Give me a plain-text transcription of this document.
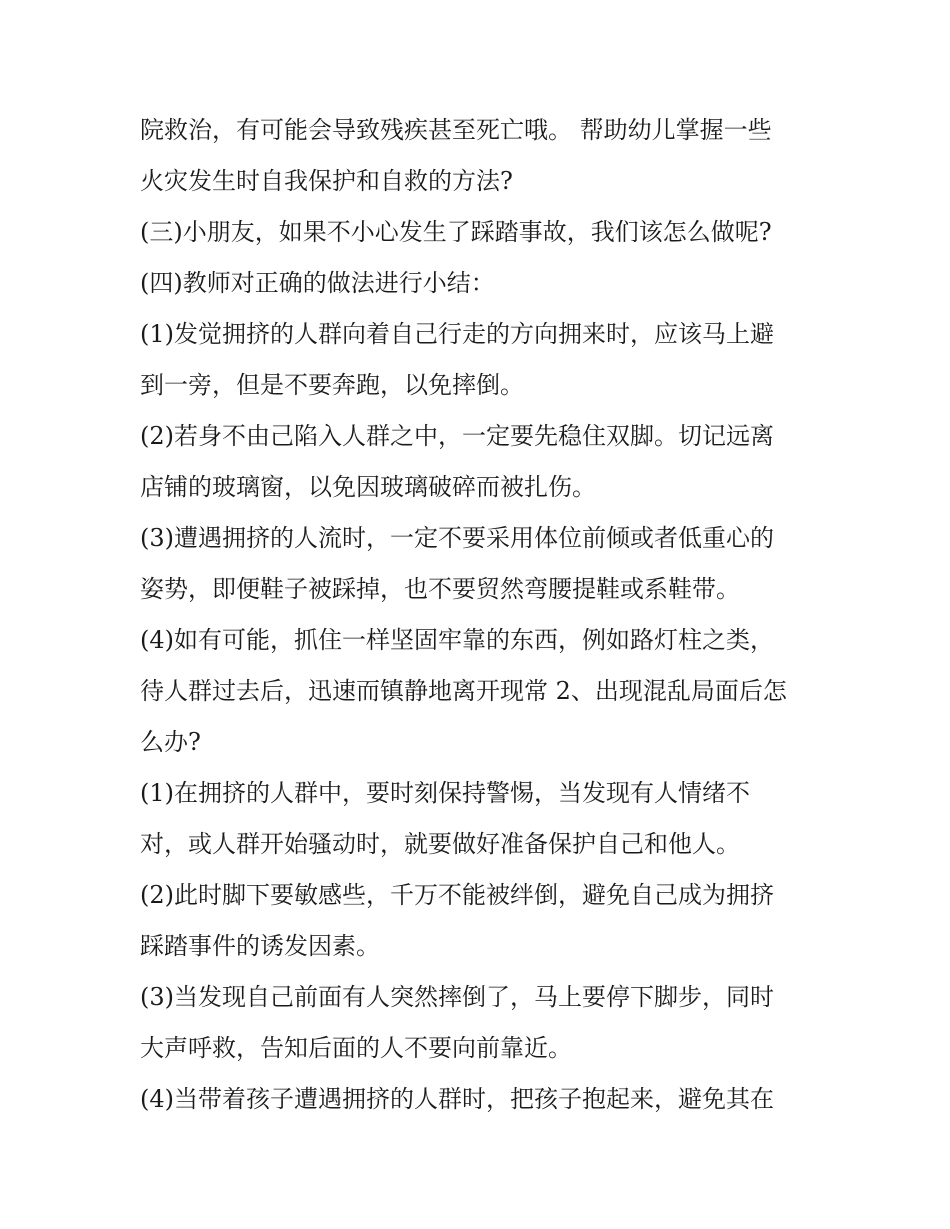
院救治，有可能会导致残疾甚至死亡哦。 帮助幼儿掌握一些
火灾发生时自我保护和自救的方法?
(三)小朋友，如果不小心发生了踩踏事故，我们该怎么做呢?
(四)教师对正确的做法进行小结：
(1)发觉拥挤的人群向着自己行走的方向拥来时，应该马上避
到一旁，但是不要奔跑，以免摔倒。
(2)若身不由己陷入人群之中，一定要先稳住双脚。切记远离
店铺的玻璃窗，以免因玻璃破碎而被扎伤。
(3)遭遇拥挤的人流时，一定不要采用体位前倾或者低重心的
姿势，即便鞋子被踩掉，也不要贸然弯腰提鞋或系鞋带。
(4)如有可能，抓住一样坚固牢靠的东西，例如路灯柱之类，
待人群过去后，迅速而镇静地离开现常 2、出现混乱局面后怎
么办?
(1)在拥挤的人群中，要时刻保持警惕，当发现有人情绪不
对，或人群开始骚动时，就要做好准备保护自己和他人。
(2)此时脚下要敏感些，千万不能被绊倒，避免自己成为拥挤
踩踏事件的诱发因素。
(3)当发现自己前面有人突然摔倒了，马上要停下脚步，同时
大声呼救，告知后面的人不要向前靠近。
(4)当带着孩子遭遇拥挤的人群时，把孩子抱起来，避免其在
